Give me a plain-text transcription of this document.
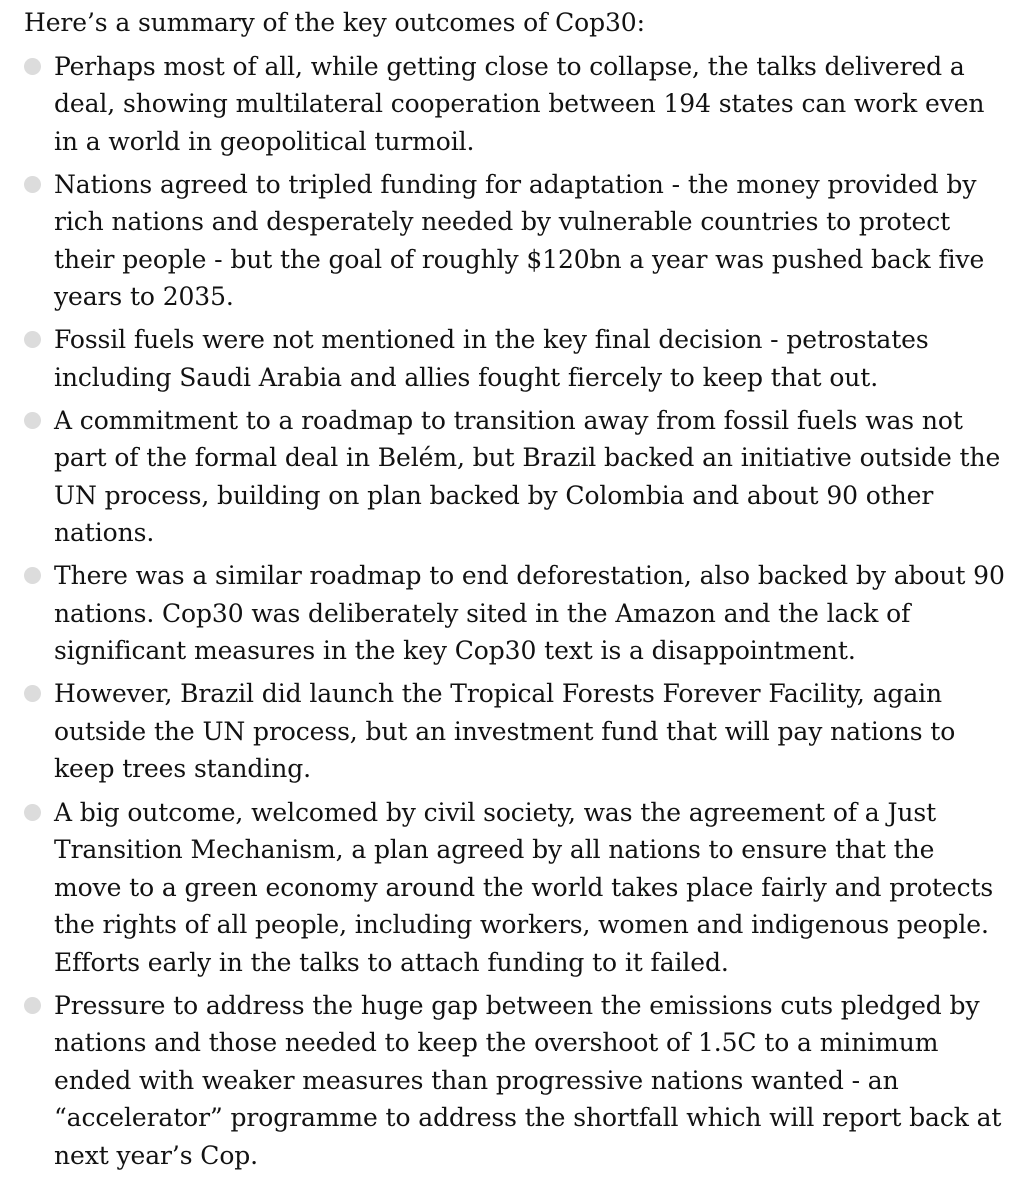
Here’s a summary of the key outcomes of Cop30:

Perhaps most of all, while getting close to collapse, the talks delivered a
deal, showing multilateral cooperation between 194 states can work even
in a world in geopolitical turmoil.
Nations agreed to tripled funding for adaptation - the money provided by
rich nations and desperately needed by vulnerable countries to protect
their people - but the goal of roughly $120bn a year was pushed back five
years to 2035.
Fossil fuels were not mentioned in the key final decision - petrostates
including Saudi Arabia and allies fought fiercely to keep that out.
A commitment to a roadmap to transition away from fossil fuels was not
part of the formal deal in Belém, but Brazil backed an initiative outside the
UN process, building on plan backed by Colombia and about 90 other
nations.
There was a similar roadmap to end deforestation, also backed by about 90
nations. Cop30 was deliberately sited in the Amazon and the lack of
significant measures in the key Cop30 text is a disappointment.
However, Brazil did launch the Tropical Forests Forever Facility, again
outside the UN process, but an investment fund that will pay nations to
keep trees standing.
A big outcome, welcomed by civil society, was the agreement of a Just
Transition Mechanism, a plan agreed by all nations to ensure that the
move to a green economy around the world takes place fairly and protects
the rights of all people, including workers, women and indigenous people.
Efforts early in the talks to attach funding to it failed.
Pressure to address the huge gap between the emissions cuts pledged by
nations and those needed to keep the overshoot of 1.5C to a minimum
ended with weaker measures than progressive nations wanted - an
“accelerator” programme to address the shortfall which will report back at
next year’s Cop.
